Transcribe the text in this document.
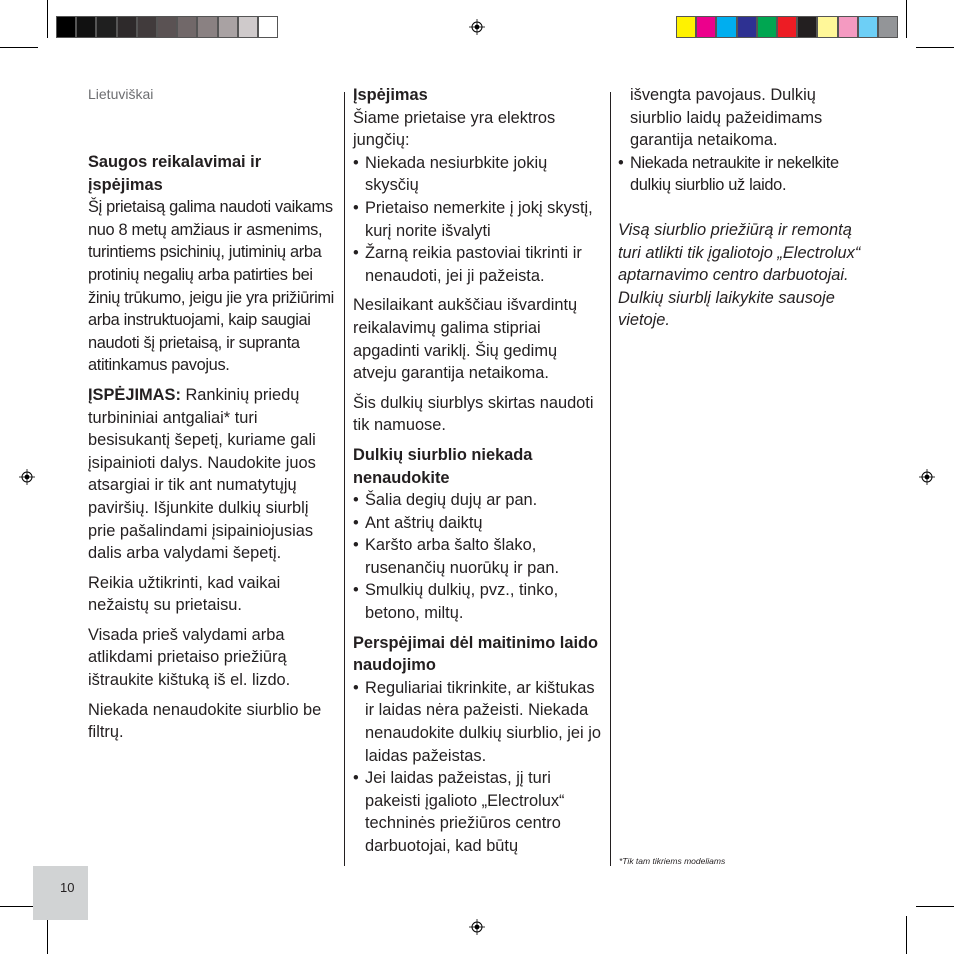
Lietuviškai

Saugos reikalavimai ir įspėjimas

Šį prietaisą galima naudoti vaikams nuo 8 metų amžiaus ir asmenims, turintiems psichinių, jutiminių arba protinių negalių arba patirties bei žinių trūkumo, jeigu jie yra prižiūrimi arba instruktuojami, kaip saugiai naudoti šį prietaisą, ir supranta atitinkamus pavojus.

ĮSPĖJIMAS: Rankinių priedų turbininiai antgaliai* turi besisukantį šepetį, kuriame gali įsipainioti dalys. Naudokite juos atsargiai ir tik ant numatytųjų paviršių. Išjunkite dulkių siurblį prie pašalindami įsipainiojusias dalis arba valydami šepetį.

Reikia užtikrinti, kad vaikai nežaistų su prietaisu.

Visada prieš valydami arba atlikdami prietaiso priežiūrą ištraukite kištuką iš el. lizdo.

Niekada nenaudokite siurblio be filtrų.

Įspėjimas

Šiame prietaise yra elektros jungčių:

• Niekada nesiurbkite jokių skysčių
• Prietaiso nemerkite į jokį skystį, kurį norite išvalyti
• Žarną reikia pastoviai tikrinti ir nenaudoti, jei ji pažeista.

Nesilaikant aukščiau išvardintų reikalavimų galima stipriai apgadinti variklį. Šių gedimų atveju garantija netaikoma.

Šis dulkių siurblys skirtas naudoti tik namuose.

Dulkių siurblio niekada nenaudokite

• Šalia degių dujų ar pan.
• Ant aštrių daiktų
• Karšto arba šalto šlako, rusenančių nuorūkų ir pan.
• Smulkių dulkių, pvz., tinko, betono, miltų.

Perspėjimai dėl maitinimo laido naudojimo

• Reguliariai tikrinkite, ar kištukas ir laidas nėra pažeisti. Niekada nenaudokite dulkių siurblio, jei jo laidas pažeistas.
• Jei laidas pažeistas, jį turi pakeisti įgalioto „Electrolux“ techninės priežiūros centro darbuotojai, kad būtų

išvengta pavojaus. Dulkių siurblio laidų pažeidimams garantija netaikoma.

• Niekada netraukite ir nekelkite dulkių siurblio už laido.

Visą siurblio priežiūrą ir remontą turi atlikti tik įgaliotojo „Electrolux“ aptarnavimo centro darbuotojai. Dulkių siurblį laikykite sausoje vietoje.

*Tik tam tikriems modeliams
10
